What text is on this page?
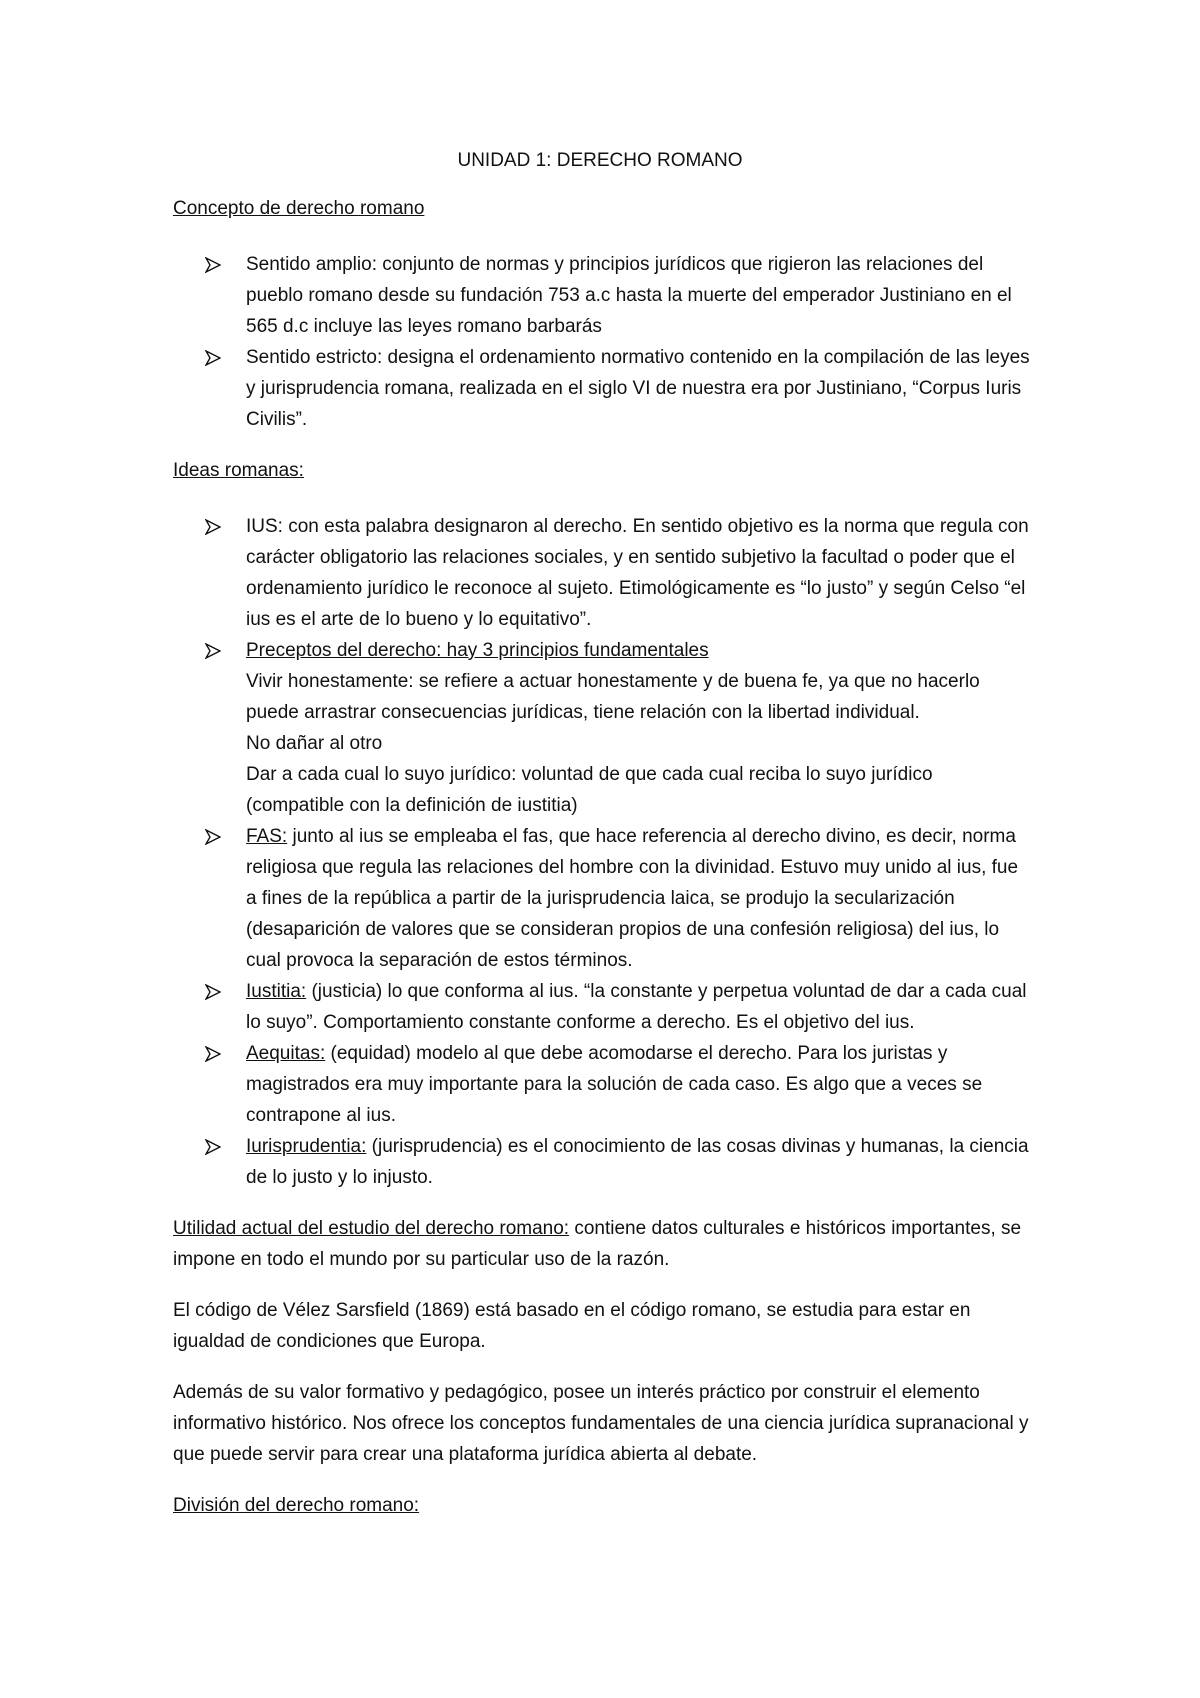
UNIDAD 1: DERECHO ROMANO

Concepto de derecho romano

Sentido amplio: conjunto de normas y principios jurídicos que rigieron las relaciones del pueblo romano desde su fundación 753 a.c hasta la muerte del emperador Justiniano en el 565 d.c incluye las leyes romano barbarás
Sentido estricto: designa el ordenamiento normativo contenido en la compilación de las leyes y jurisprudencia romana, realizada en el siglo VI de nuestra era por Justiniano, “Corpus Iuris Civilis”.

Ideas romanas:

IUS: con esta palabra designaron al derecho. En sentido objetivo es la norma que regula con carácter obligatorio las relaciones sociales, y en sentido subjetivo la facultad o poder que el ordenamiento jurídico le reconoce al sujeto. Etimológicamente es “lo justo” y según Celso “el ius es el arte de lo bueno y lo equitativo”.
Preceptos del derecho: hay 3 principios fundamentales
Vivir honestamente: se refiere a actuar honestamente y de buena fe, ya que no hacerlo puede arrastrar consecuencias jurídicas, tiene relación con la libertad individual.
No dañar al otro
Dar a cada cual lo suyo jurídico: voluntad de que cada cual reciba lo suyo jurídico (compatible con la definición de iustitia)
FAS: junto al ius se empleaba el fas, que hace referencia al derecho divino, es decir, norma religiosa que regula las relaciones del hombre con la divinidad. Estuvo muy unido al ius, fue a fines de la república a partir de la jurisprudencia laica, se produjo la secularización (desaparición de valores que se consideran propios de una confesión religiosa) del ius, lo cual provoca la separación de estos términos.
Iustitia: (justicia) lo que conforma al ius. “la constante y perpetua voluntad de dar a cada cual lo suyo”. Comportamiento constante conforme a derecho. Es el objetivo del ius.
Aequitas: (equidad) modelo al que debe acomodarse el derecho. Para los juristas y magistrados era muy importante para la solución de cada caso. Es algo que a veces se contrapone al ius.
Iurisprudentia: (jurisprudencia) es el conocimiento de las cosas divinas y humanas, la ciencia de lo justo y lo injusto.

Utilidad actual del estudio del derecho romano: contiene datos culturales e históricos importantes, se impone en todo el mundo por su particular uso de la razón.

El código de Vélez Sarsfield (1869) está basado en el código romano, se estudia para estar en igualdad de condiciones que Europa.

Además de su valor formativo y pedagógico, posee un interés práctico por construir el elemento informativo histórico. Nos ofrece los conceptos fundamentales de una ciencia jurídica supranacional y que puede servir para crear una plataforma jurídica abierta al debate.

División del derecho romano:
